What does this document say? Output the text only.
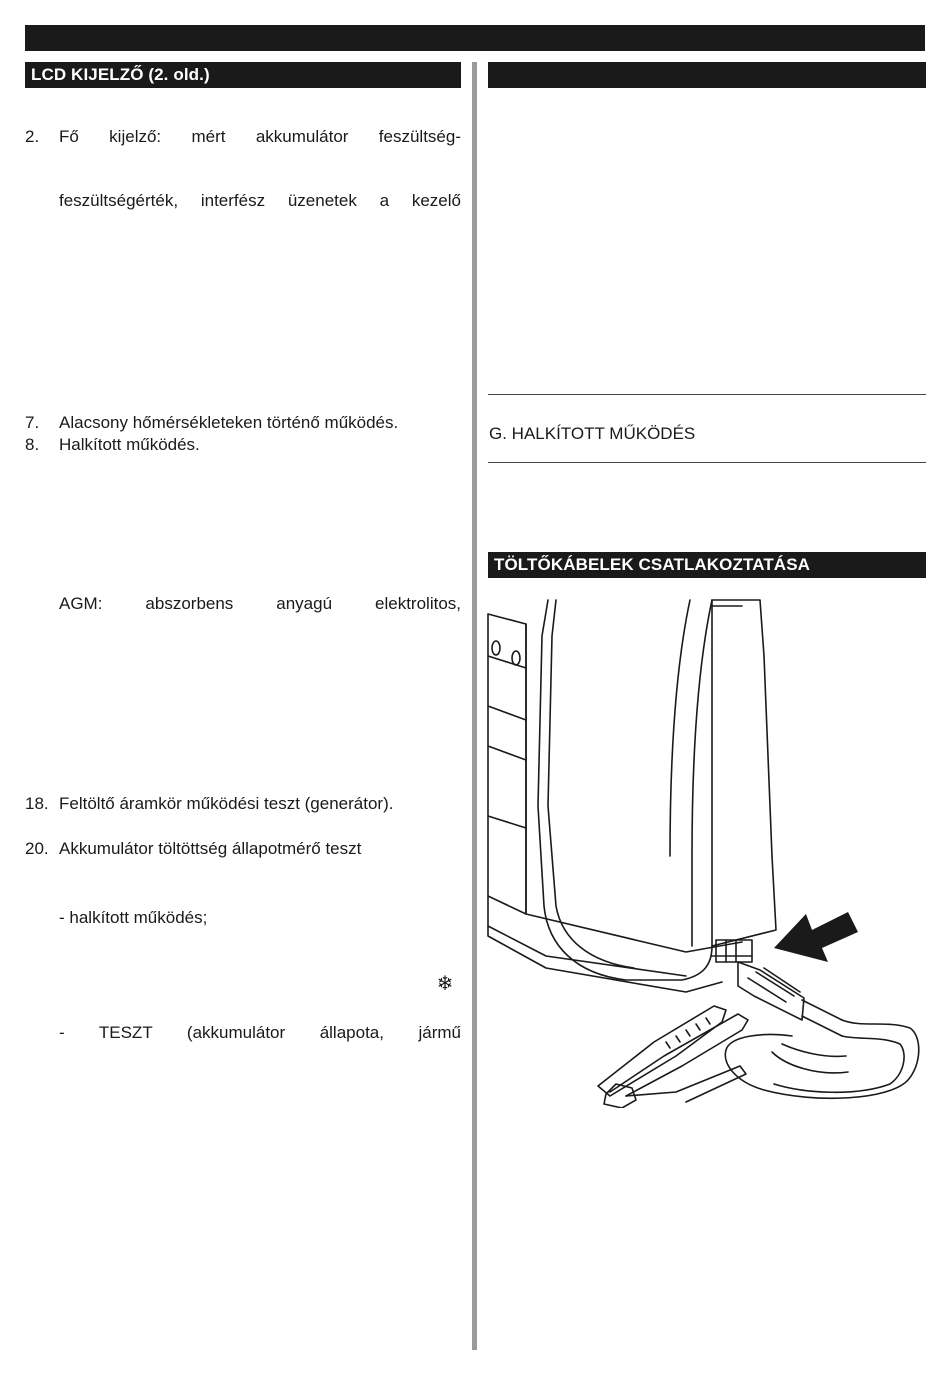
LCD KIJELZŐ (2. old.)
2. Fő kijelző: mért akkumulátor feszültség-
feszültségérték, interfész üzenetek a kezelő
7. Alacsony hőmérsékleteken történő működés.
8. Halkított működés.
AGM: abszorbens anyagú elektrolitos,
18. Feltöltő áramkör működési teszt (generátor).
20. Akkumulátor töltöttség állapotmérő teszt
- halkított működés;
❄
- TESZT (akkumulátor állapota, jármű
G. HALKÍTOTT MŰKÖDÉS
TÖLTŐKÁBELEK CSATLAKOZTATÁSA
